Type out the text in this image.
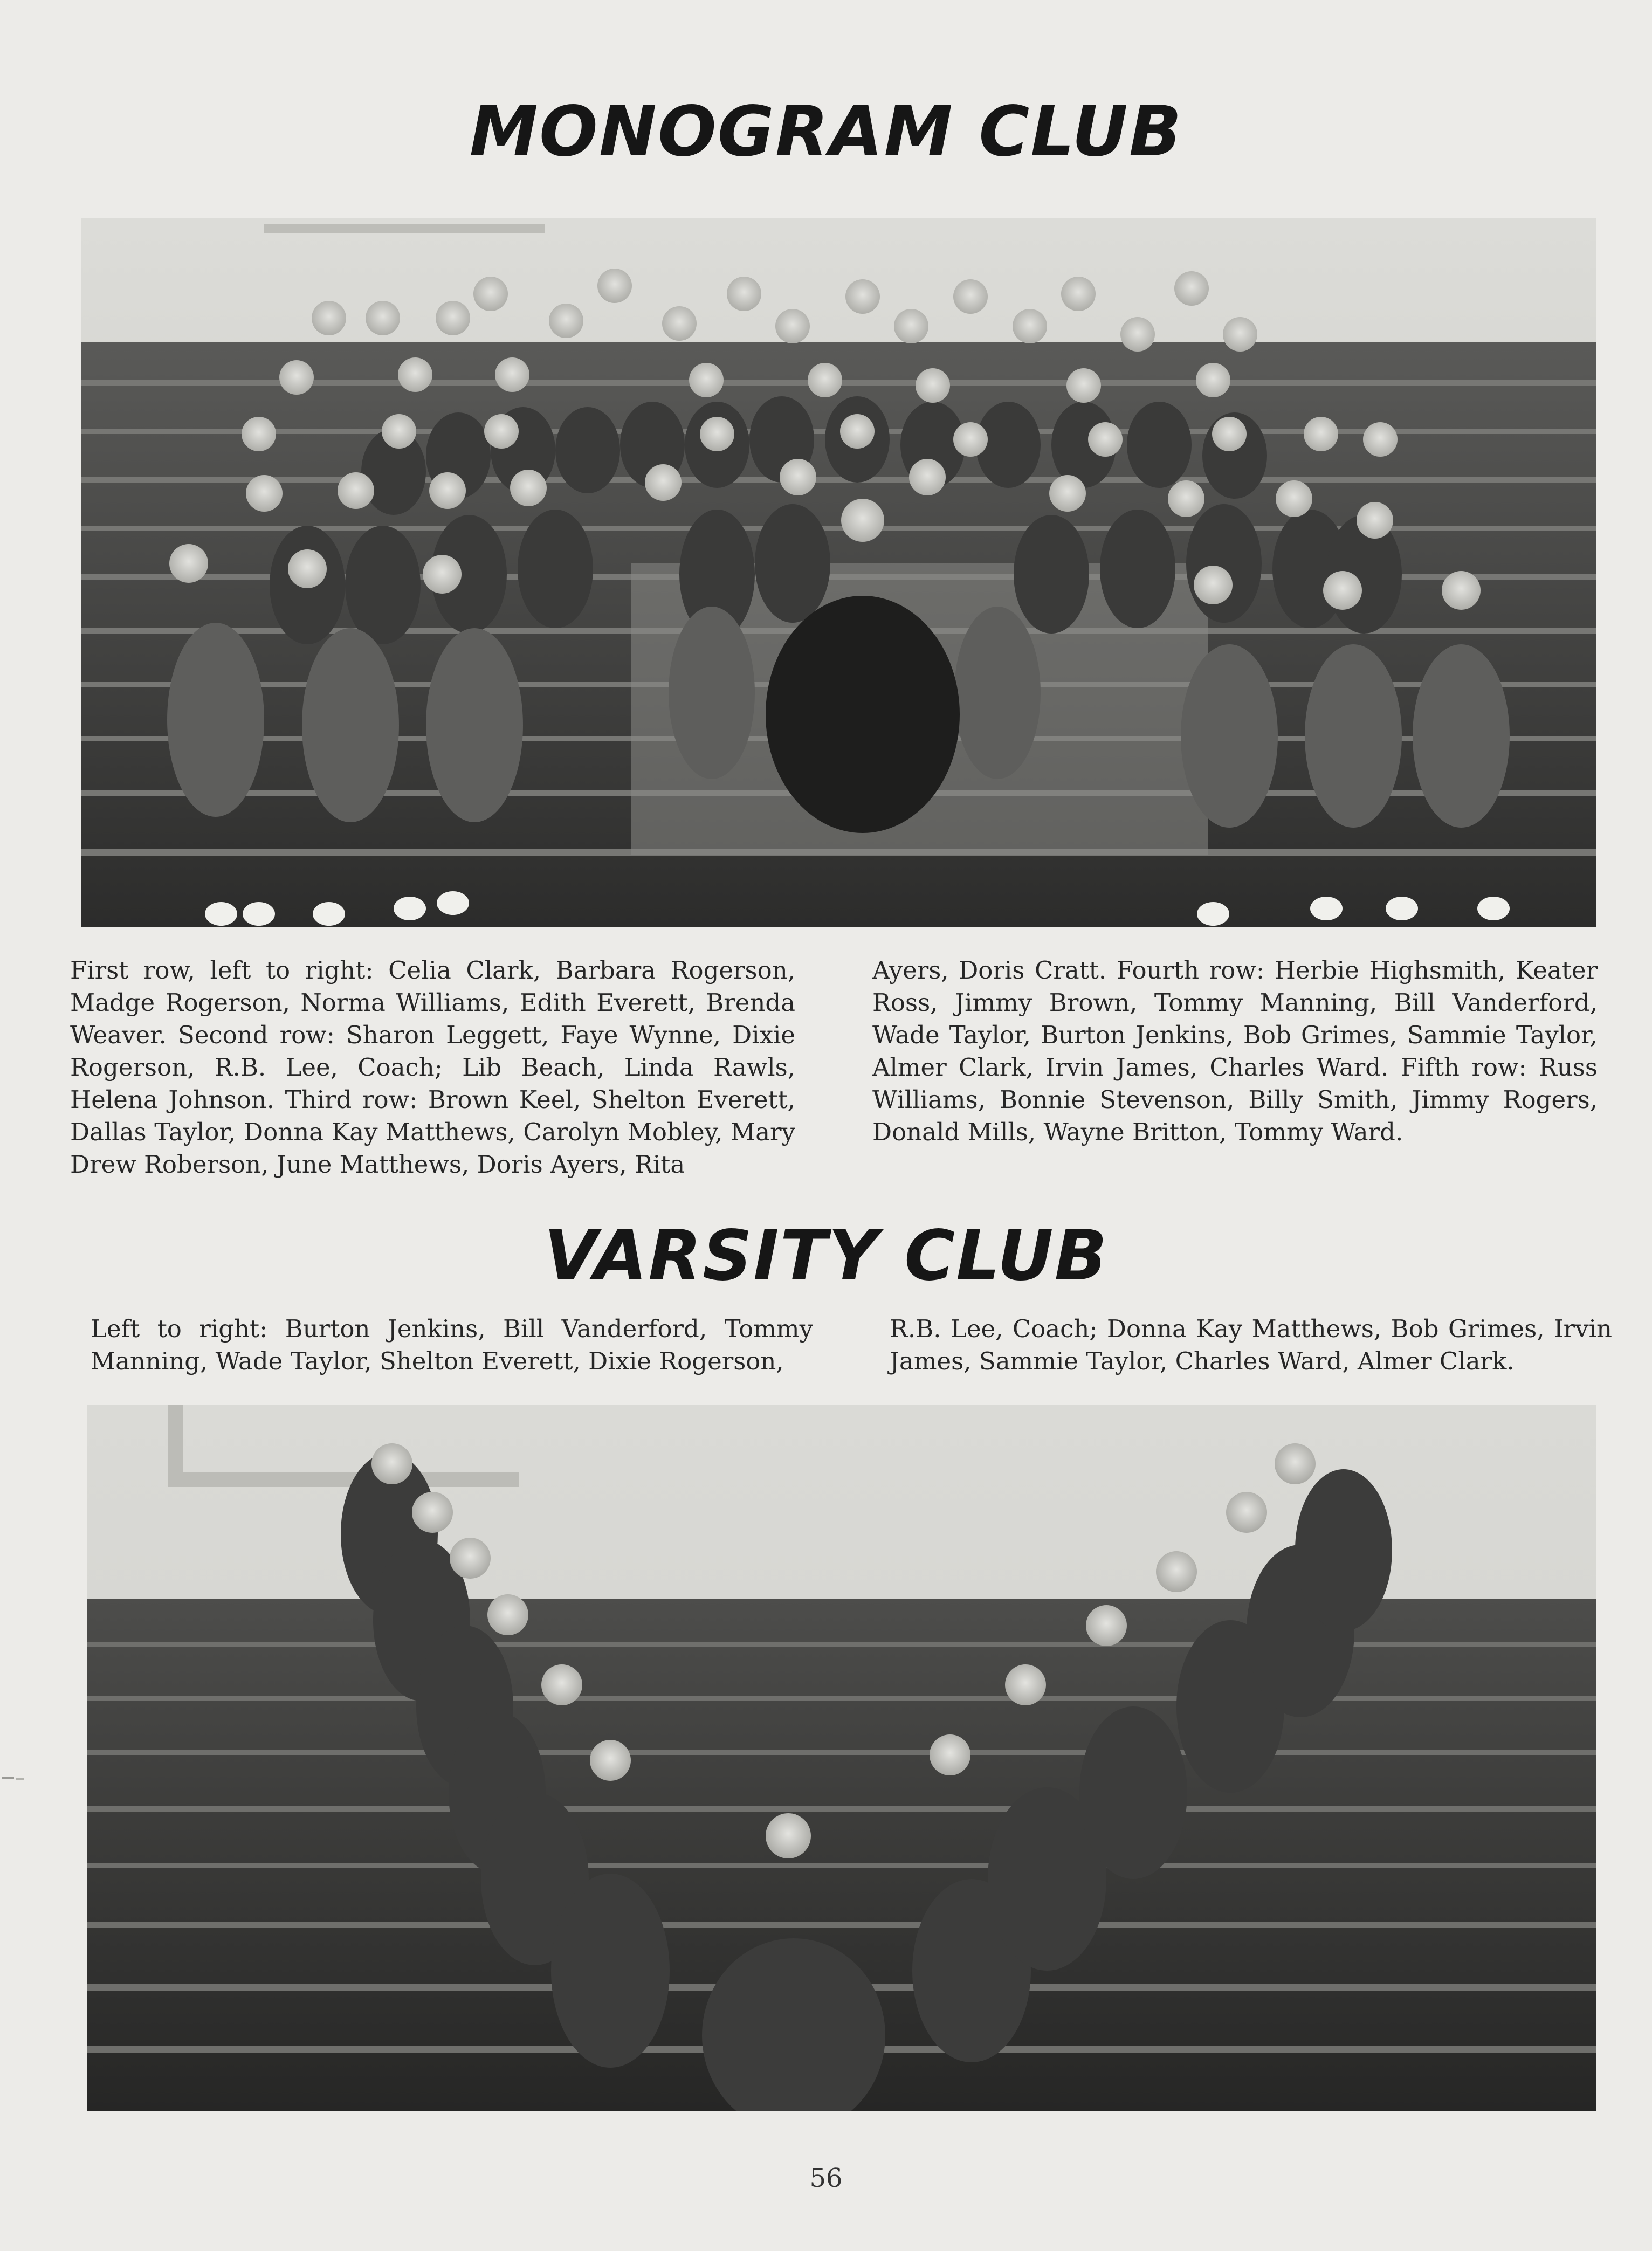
MONOGRAM CLUB

First row, left to right: Celia Clark, Barbara Rogerson, Madge Rogerson, Norma Williams, Edith Everett, Brenda Weaver. Second row: Sharon Leggett, Faye Wynne, Dixie Rogerson, R.B. Lee, Coach; Lib Beach, Linda Rawls, Helena Johnson. Third row: Brown Keel, Shelton Everett, Dallas Taylor, Donna Kay Matthews, Carolyn Mobley, Mary Drew Roberson, June Matthews, Doris Ayers, Rita

Ayers, Doris Cratt. Fourth row: Herbie Highsmith, Keater Ross, Jimmy Brown, Tommy Manning, Bill Vanderford, Wade Taylor, Burton Jenkins, Bob Grimes, Sammie Taylor, Almer Clark, Irvin James, Charles Ward. Fifth row: Russ Williams, Bonnie Stevenson, Billy Smith, Jimmy Rogers, Donald Mills, Wayne Britton, Tommy Ward.

VARSITY CLUB

Left to right: Burton Jenkins, Bill Vanderford, Tommy Manning, Wade Taylor, Shelton Everett, Dixie Rogerson,

R.B. Lee, Coach; Donna Kay Matthews, Bob Grimes, Irvin James, Sammie Taylor, Charles Ward, Almer Clark.

56
